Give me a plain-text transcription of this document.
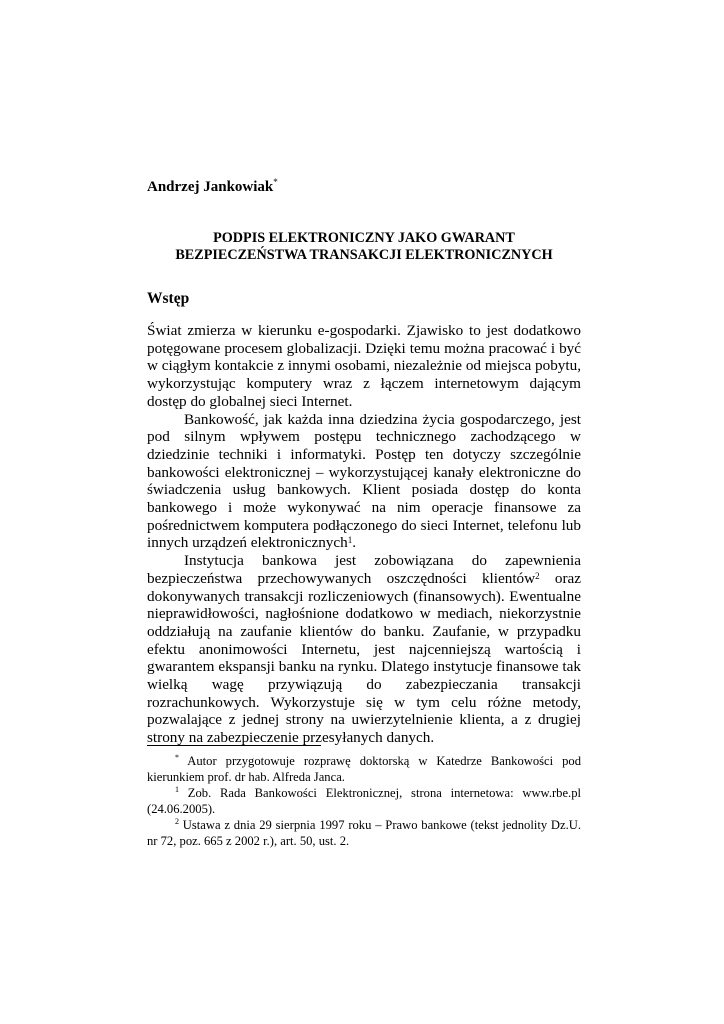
Andrzej Jankowiak*
PODPIS ELEKTRONICZNY JAKO GWARANT
BEZPIECZEŃSTWA TRANSAKCJI ELEKTRONICZNYCH
Wstęp

Świat zmierza w kierunku e-gospodarki. Zjawisko to jest dodatkowo potęgowane procesem globalizacji. Dzięki temu można pracować i być w ciągłym kontakcie z innymi osobami, niezależnie od miejsca pobytu, wykorzystując komputery wraz z łączem internetowym dającym dostęp do globalnej sieci Internet.

Bankowość, jak każda inna dziedzina życia gospodarczego, jest pod silnym wpływem postępu technicznego zachodzącego w dziedzinie techniki i informatyki. Postęp ten dotyczy szczególnie bankowości elektronicznej – wykorzystującej kanały elektroniczne do świadczenia usług bankowych. Klient posiada dostęp do konta bankowego i może wykonywać na nim operacje finansowe za pośrednictwem komputera podłączonego do sieci Internet, telefonu lub innych urządzeń elektronicznych$^1$.

Instytucja bankowa jest zobowiązana do zapewnienia bezpieczeństwa przechowywanych oszczędności klientów$^2$ oraz dokonywanych transakcji rozliczeniowych (finansowych). Ewentualne nieprawidłowości, nagłośnione dodatkowo w mediach, niekorzystnie oddziałują na zaufanie klientów do banku. Zaufanie, w przypadku efektu anonimowości Internetu, jest najcenniejszą wartością i gwarantem ekspansji banku na rynku. Dlatego instytucje finansowe tak wielką wagę przywiązują do zabezpieczania transakcji rozrachunkowych. Wykorzystuje się w tym celu różne metody, pozwalające z jednej strony na uwierzytelnienie klienta, a z drugiej strony na zabezpieczenie przesyłanych danych.

* Autor przygotowuje rozprawę doktorską w Katedrze Bankowości pod kierunkiem prof. dr hab. Alfreda Janca.

$^1$ Zob. Rada Bankowości Elektronicznej, strona internetowa: www.rbe.pl (24.06.2005).

$^2$ Ustawa z dnia 29 sierpnia 1997 roku – Prawo bankowe (tekst jednolity Dz.U. nr 72, poz. 665 z 2002 r.), art. 50, ust. 2.
